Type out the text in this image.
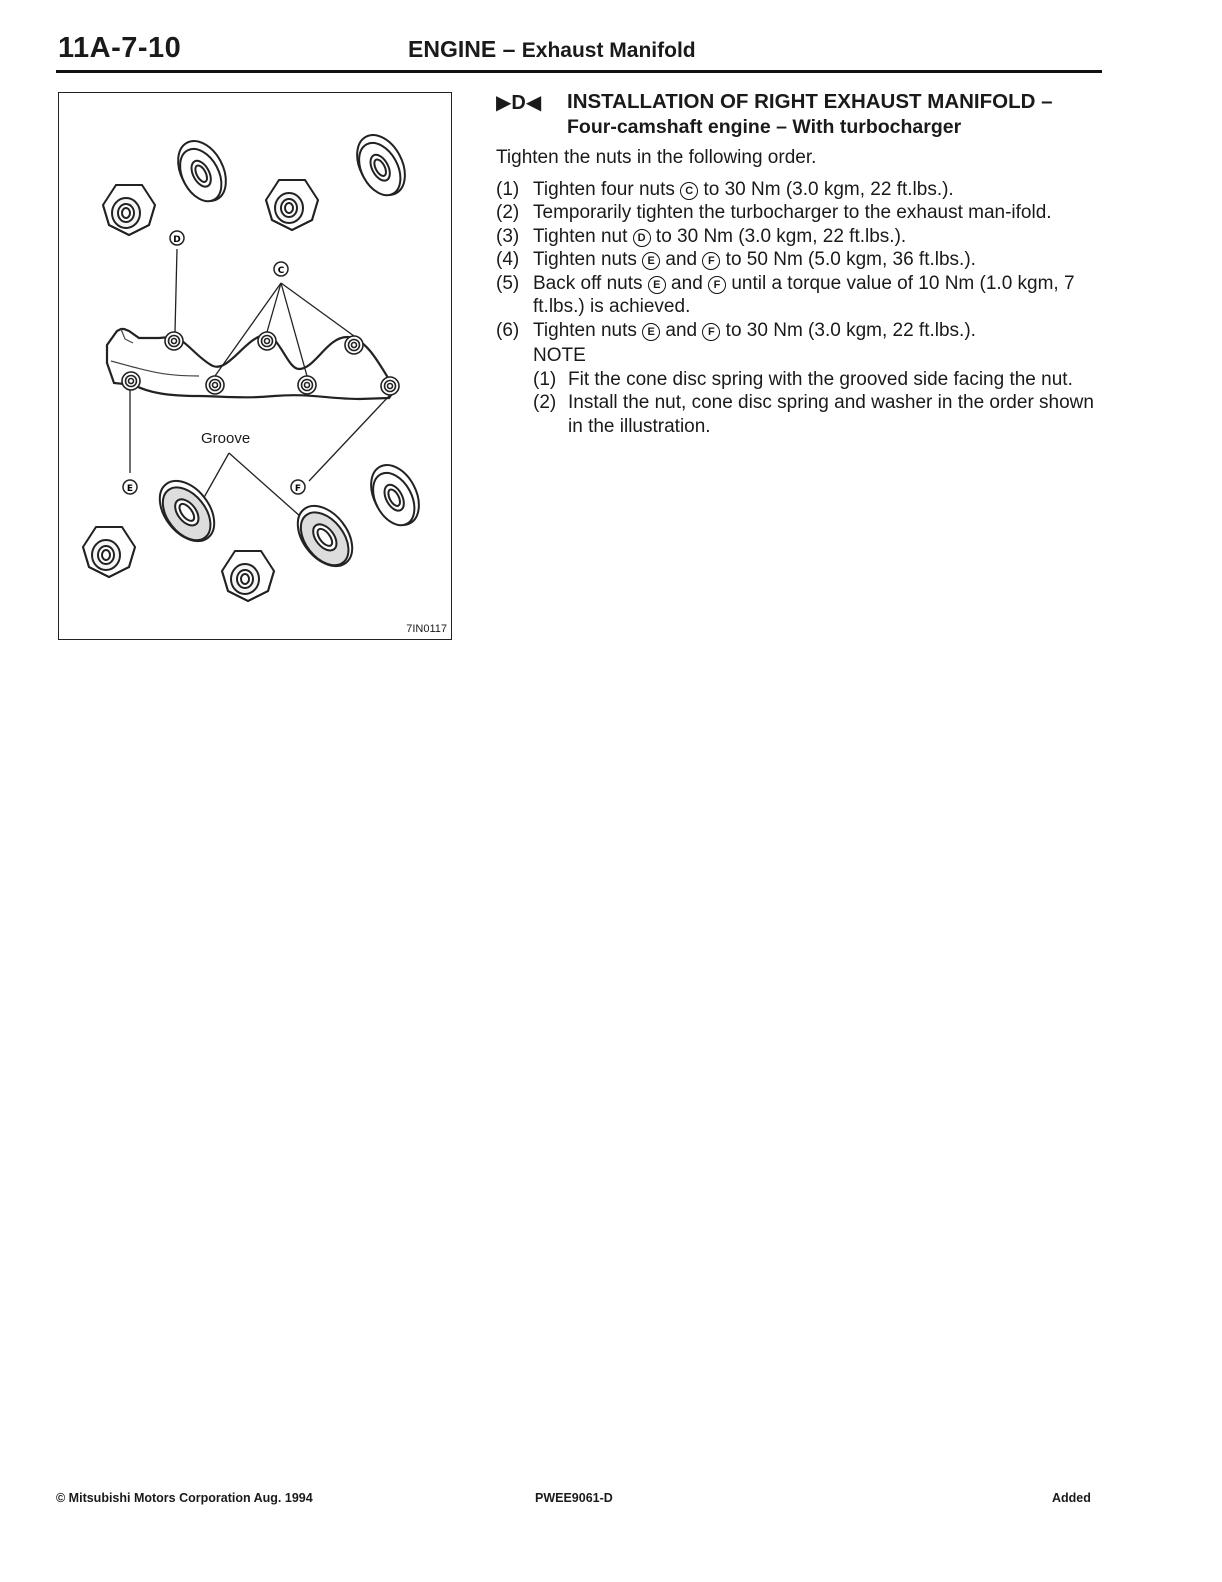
11A-7-10	ENGINE – Exhaust Manifold
D
C
E	F
Groove
7IN0117
▶D◀ INSTALLATION OF RIGHT EXHAUST MANIFOLD –
Four-camshaft engine – With turbocharger
Tighten the nuts in the following order.
(1) Tighten four nuts C to 30 Nm (3.0 kgm, 22 ft.lbs.).
(2) Temporarily tighten the turbocharger to the exhaust man-ifold.
(3) Tighten nut D to 30 Nm (3.0 kgm, 22 ft.lbs.).
(4) Tighten nuts E and F to 50 Nm (5.0 kgm, 36 ft.lbs.).
(5) Back off nuts E and F until a torque value of 10 Nm (1.0 kgm, 7 ft.lbs.) is achieved.
(6) Tighten nuts E and F to 30 Nm (3.0 kgm, 22 ft.lbs.).
NOTE
(1) Fit the cone disc spring with the grooved side facing the nut.
(2) Install the nut, cone disc spring and washer in the order shown in the illustration.
© Mitsubishi Motors Corporation Aug. 1994	PWEE9061-D	Added
